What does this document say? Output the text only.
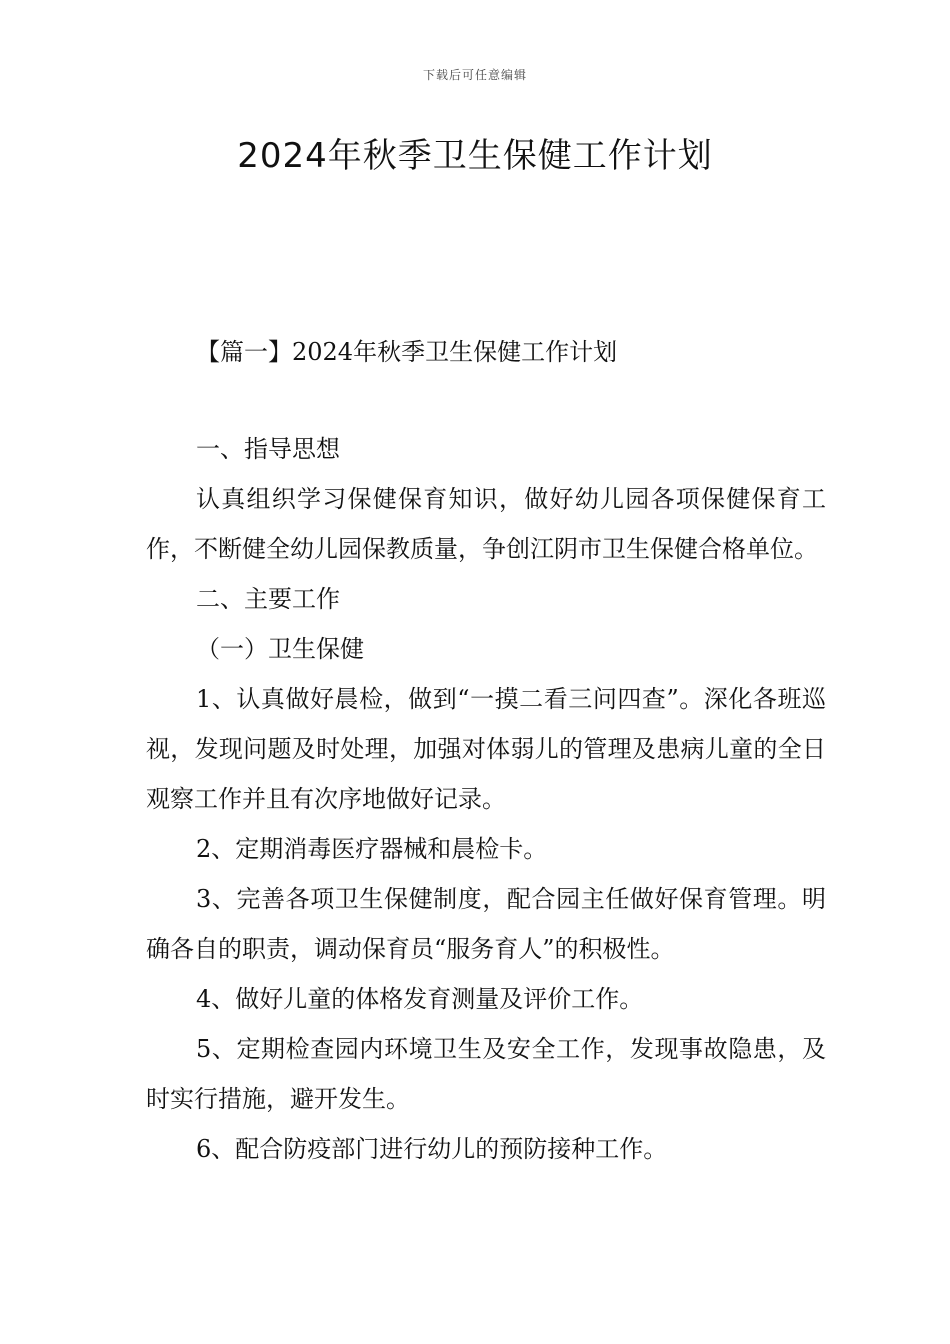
下载后可任意编辑
2024年秋季卫生保健工作计划
【篇一】2024年秋季卫生保健工作计划

一、指导思想

认真组织学习保健保育知识，做好幼儿园各项保健保育工作，不断健全幼儿园保教质量，争创江阴市卫生保健合格单位。

二、主要工作

（一）卫生保健

1、认真做好晨检，做到“一摸二看三问四查”。深化各班巡视，发现问题及时处理，加强对体弱儿的管理及患病儿童的全日观察工作并且有次序地做好记录。

2、定期消毒医疗器械和晨检卡。

3、完善各项卫生保健制度，配合园主任做好保育管理。明确各自的职责，调动保育员“服务育人”的积极性。

4、做好儿童的体格发育测量及评价工作。

5、定期检查园内环境卫生及安全工作，发现事故隐患，及时实行措施，避开发生。

6、配合防疫部门进行幼儿的预防接种工作。
